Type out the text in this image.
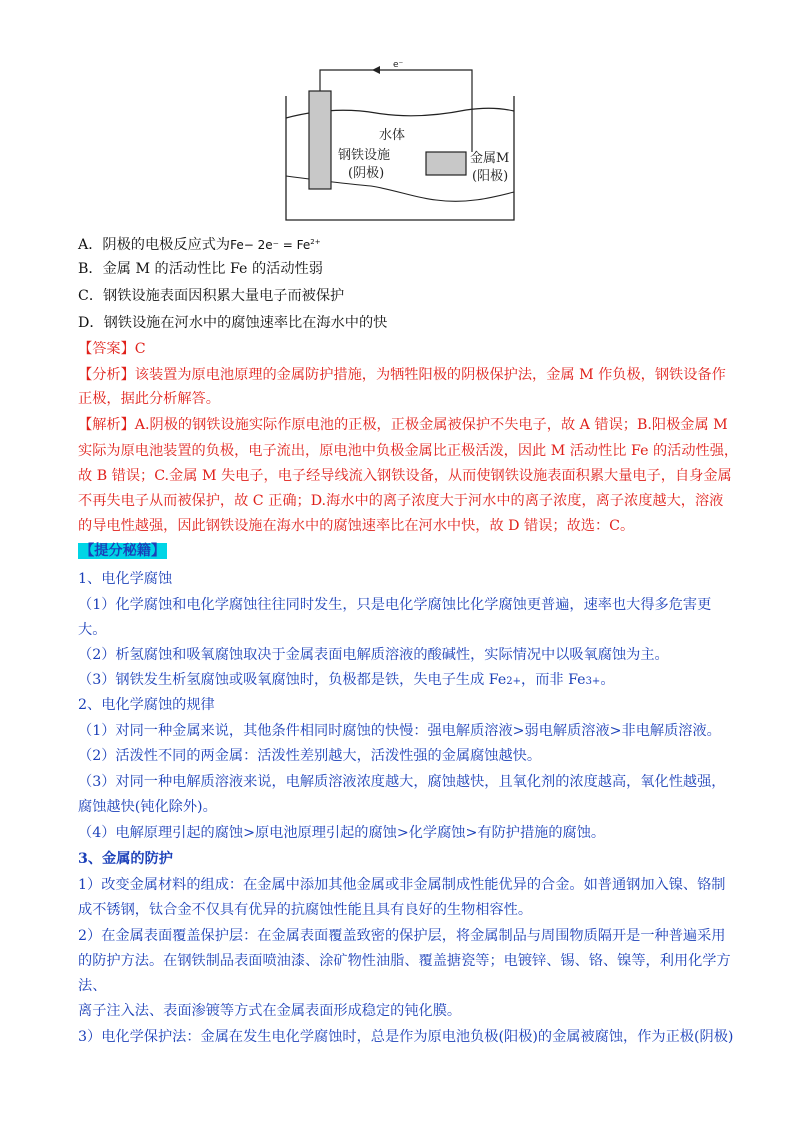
e⁻
水体
钢铁设施
(阴极)
金属M
(阳极)
A．阴极的电极反应式为$Fe- 2e^- = Fe^{2+}$
B．金属 M 的活动性比 Fe 的活动性弱
C．钢铁设施表面因积累大量电子而被保护
D．钢铁设施在河水中的腐蚀速率比在海水中的快
【答案】C
【分析】该装置为原电池原理的金属防护措施，为牺牲阳极的阴极保护法，金属 M 作负极，钢铁设备作
正极，据此分析解答。
【解析】A.阴极的钢铁设施实际作原电池的正极，正极金属被保护不失电子，故 A 错误；B.阳极金属 M
实际为原电池装置的负极，电子流出，原电池中负极金属比正极活泼，因此 M 活动性比 Fe 的活动性强，
故 B 错误；C.金属 M 失电子，电子经导线流入钢铁设备，从而使钢铁设施表面积累大量电子，自身金属
不再失电子从而被保护，故 C 正确；D.海水中的离子浓度大于河水中的离子浓度，离子浓度越大，溶液
的导电性越强，因此钢铁设施在海水中的腐蚀速率比在河水中快，故 D 错误；故选：C。
【提分秘籍】
1、电化学腐蚀
（1）化学腐蚀和电化学腐蚀往往同时发生，只是电化学腐蚀比化学腐蚀更普遍，速率也大得多危害更
大。
（2）析氢腐蚀和吸氧腐蚀取决于金属表面电解质溶液的酸碱性，实际情况中以吸氧腐蚀为主。
（3）钢铁发生析氢腐蚀或吸氧腐蚀时，负极都是铁，失电子生成 Fe2+，而非 Fe3+。
2、电化学腐蚀的规律
（1）对同一种金属来说，其他条件相同时腐蚀的快慢：强电解质溶液>弱电解质溶液>非电解质溶液。
（2）活泼性不同的两金属：活泼性差别越大，活泼性强的金属腐蚀越快。
（3）对同一种电解质溶液来说，电解质溶液浓度越大，腐蚀越快，且氧化剂的浓度越高，氧化性越强，
腐蚀越快(钝化除外)。
（4）电解原理引起的腐蚀>原电池原理引起的腐蚀>化学腐蚀>有防护措施的腐蚀。
3、金属的防护
1）改变金属材料的组成：在金属中添加其他金属或非金属制成性能优异的合金。如普通钢加入镍、铬制
成不锈钢，钛合金不仅具有优异的抗腐蚀性能且具有良好的生物相容性。
2）在金属表面覆盖保护层：在金属表面覆盖致密的保护层，将金属制品与周围物质隔开是一种普遍采用
的防护方法。在钢铁制品表面喷油漆、涂矿物性油脂、覆盖搪瓷等；电镀锌、锡、铬、镍等，利用化学方
法、
离子注入法、表面渗镀等方式在金属表面形成稳定的钝化膜。
3）电化学保护法：金属在发生电化学腐蚀时，总是作为原电池负极(阳极)的金属被腐蚀，作为正极(阴极)
